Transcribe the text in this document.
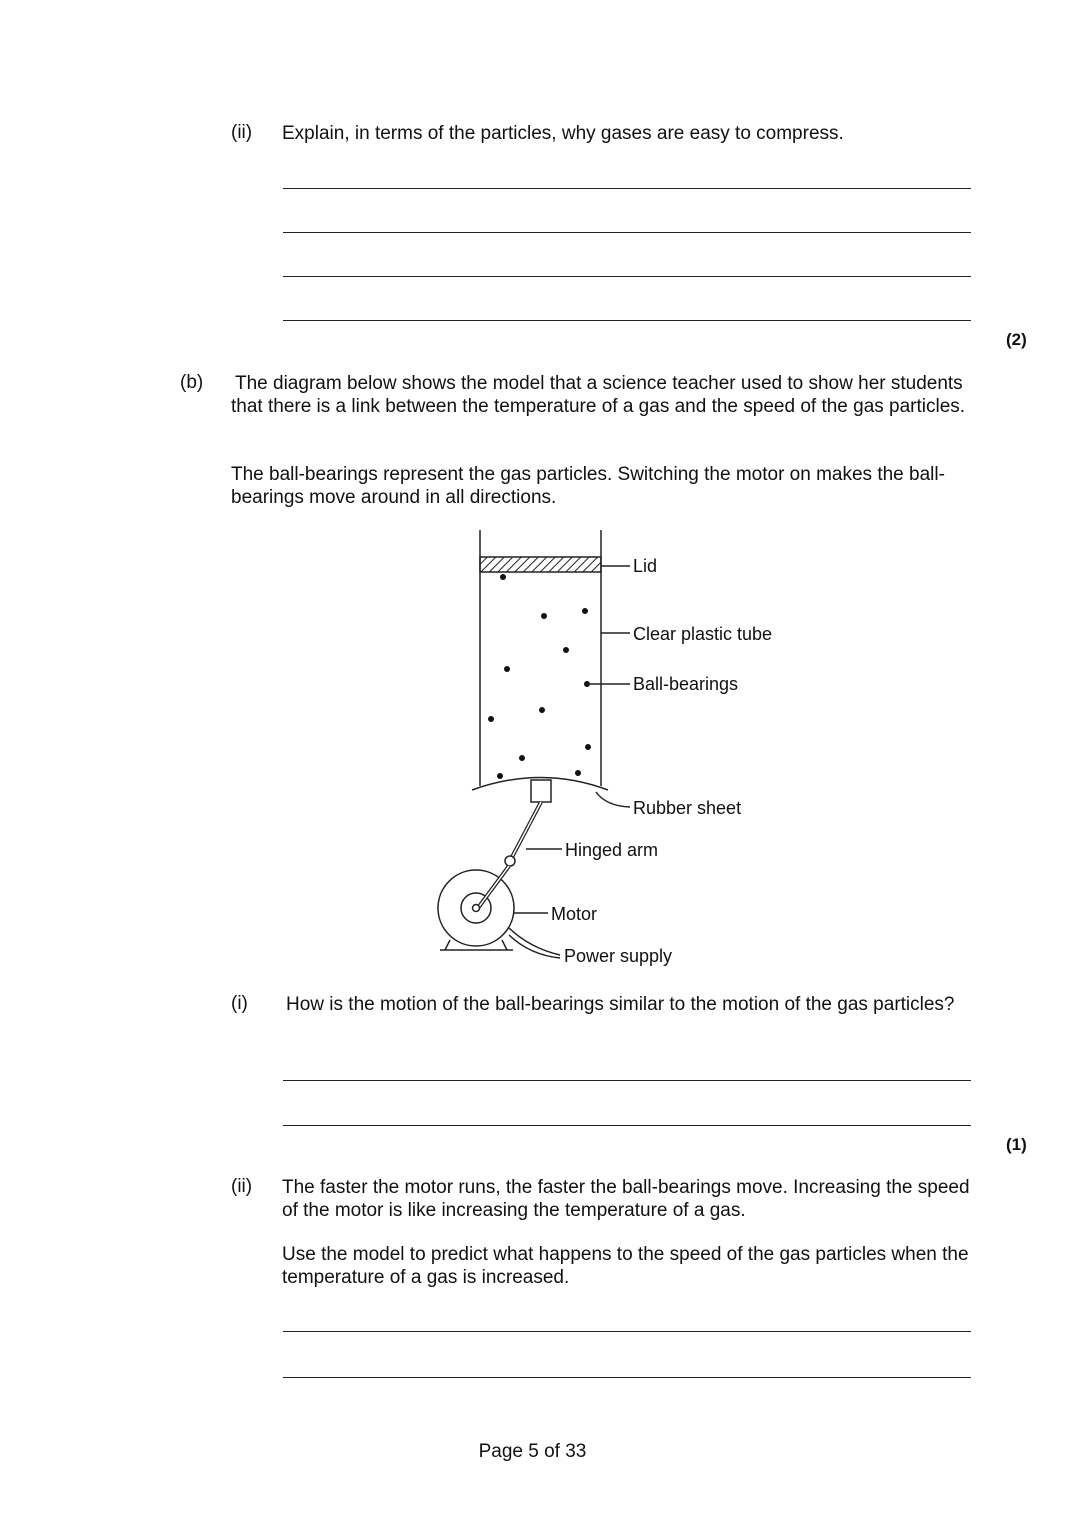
(ii) Explain, in terms of the particles, why gases are easy to compress.
(2)
(b) The diagram below shows the model that a science teacher used to show her students that there is a link between the temperature of a gas and the speed of the gas particles.
The ball-bearings represent the gas particles. Switching the motor on makes the ball-bearings move around in all directions.
Lid
Clear plastic tube
Ball-bearings
Rubber sheet
Hinged arm
Motor
Power supply
(i) How is the motion of the ball-bearings similar to the motion of the gas particles?
(1)
(ii) The faster the motor runs, the faster the ball-bearings move. Increasing the speed of the motor is like increasing the temperature of a gas.
Use the model to predict what happens to the speed of the gas particles when the temperature of a gas is increased.
Page 5 of 33
